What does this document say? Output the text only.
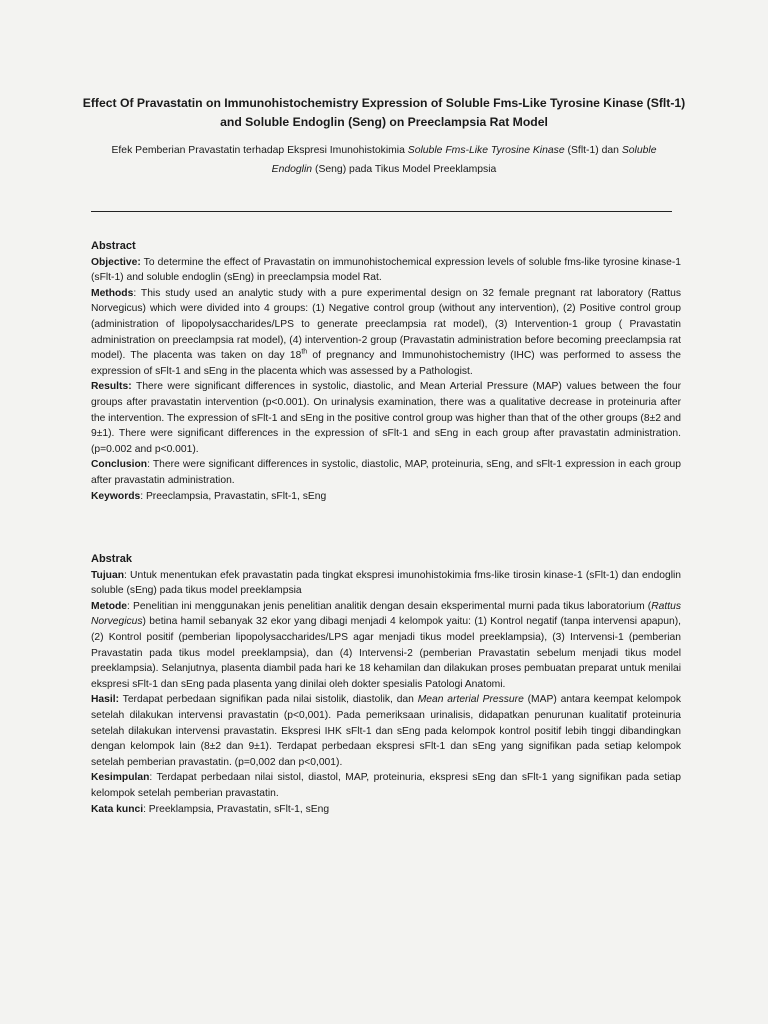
Effect Of Pravastatin on Immunohistochemistry Expression of Soluble Fms-Like Tyrosine Kinase (Sflt-1) and Soluble Endoglin (Seng) on Preeclampsia Rat Model
Efek Pemberian Pravastatin terhadap Ekspresi Imunohistokimia Soluble Fms-Like Tyrosine Kinase (Sflt-1) dan Soluble Endoglin (Seng) pada Tikus Model Preeklampsia
Abstract

Objective: To determine the effect of Pravastatin on immunohistochemical expression levels of soluble fms-like tyrosine kinase-1 (sFlt-1) and soluble endoglin (sEng) in preeclampsia model Rat.

Methods: This study used an analytic study with a pure experimental design on 32 female pregnant rat laboratory (Rattus Norvegicus) which were divided into 4 groups: (1) Negative control group (without any intervention), (2) Positive control group (administration of lipopolysaccharides/LPS to generate preeclampsia rat model), (3) Intervention-1 group ( Pravastatin administration on preeclampsia rat model), (4) intervention-2 group (Pravastatin administration before becoming preeclampsia rat model). The placenta was taken on day 18th of pregnancy and Immunohistochemistry (IHC) was performed to assess the expression of sFlt-1 and sEng in the placenta which was assessed by a Pathologist.

Results: There were significant differences in systolic, diastolic, and Mean Arterial Pressure (MAP) values between the four groups after pravastatin intervention (p<0.001). On urinalysis examination, there was a qualitative decrease in proteinuria after the intervention. The expression of sFlt-1 and sEng in the positive control group was higher than that of the other groups (8±2 and 9±1). There were significant differences in the expression of sFlt-1 and sEng in each group after pravastatin administration. (p=0.002 and p<0.001).

Conclusion: There were significant differences in systolic, diastolic, MAP, proteinuria, sEng, and sFlt-1 expression in each group after pravastatin administration.

Keywords: Preeclampsia, Pravastatin, sFlt-1, sEng

Abstrak

Tujuan: Untuk menentukan efek pravastatin pada tingkat ekspresi imunohistokimia fms-like tirosin kinase-1 (sFlt-1) dan endoglin soluble (sEng) pada tikus model preeklampsia

Metode: Penelitian ini menggunakan jenis penelitian analitik dengan desain eksperimental murni pada tikus laboratorium (Rattus Norvegicus) betina hamil sebanyak 32 ekor yang dibagi menjadi 4 kelompok yaitu: (1) Kontrol negatif (tanpa intervensi apapun), (2) Kontrol positif (pemberian lipopolysaccharides/LPS agar menjadi tikus model preeklampsia), (3) Intervensi-1 (pemberian Pravastatin pada tikus model preeklampsia), dan (4) Intervensi-2 (pemberian Pravastatin sebelum menjadi tikus model preeklampsia). Selanjutnya, plasenta diambil pada hari ke 18 kehamilan dan dilakukan proses pembuatan preparat untuk menilai ekspresi sFlt-1 dan sEng pada plasenta yang dinilai oleh dokter spesialis Patologi Anatomi.

Hasil: Terdapat perbedaan signifikan pada nilai sistolik, diastolik, dan Mean arterial Pressure (MAP) antara keempat kelompok setelah dilakukan intervensi pravastatin (p<0,001). Pada pemeriksaan urinalisis, didapatkan penurunan kualitatif proteinuria setelah dilakukan intervensi pravastatin. Ekspresi IHK sFlt-1 dan sEng pada kelompok kontrol positif lebih tinggi dibandingkan dengan kelompok lain (8±2 dan 9±1). Terdapat perbedaan ekspresi sFlt-1 dan sEng yang signifikan pada setiap kelompok setelah pemberian pravastatin. (p=0,002 dan p<0,001).

Kesimpulan: Terdapat perbedaan nilai sistol, diastol, MAP, proteinuria, ekspresi sEng dan sFlt-1 yang signifikan pada setiap kelompok setelah pemberian pravastatin.

Kata kunci: Preeklampsia, Pravastatin, sFlt-1, sEng
